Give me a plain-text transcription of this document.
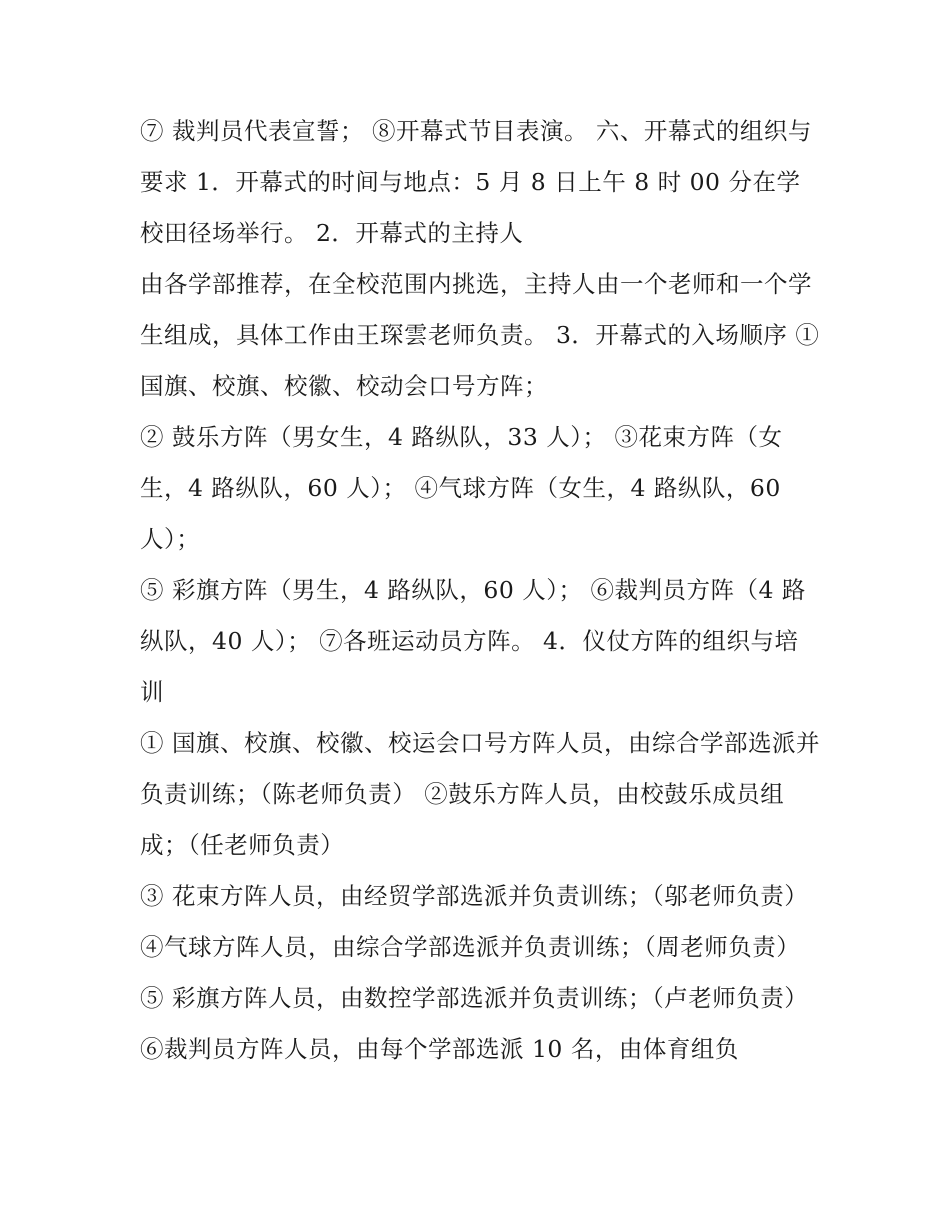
⑦ 裁判员代表宣誓； ⑧开幕式节目表演。 六、开幕式的组织与要求 1．开幕式的时间与地点：5 月 8 日上午 8 时 00 分在学校田径场举行。 2．开幕式的主持人

由各学部推荐，在全校范围内挑选，主持人由一个老师和一个学生组成，具体工作由王琛雲老师负责。 3．开幕式的入场顺序 ①国旗、校旗、校徽、校动会口号方阵；

② 鼓乐方阵（男女生，4 路纵队，33 人）； ③花束方阵（女生，4 路纵队，60 人）； ④气球方阵（女生，4 路纵队，60 人）；

⑤ 彩旗方阵（男生，4 路纵队，60 人）； ⑥裁判员方阵（4 路纵队，40 人）； ⑦各班运动员方阵。 4．仪仗方阵的组织与培训

① 国旗、校旗、校徽、校运会口号方阵人员，由综合学部选派并负责训练；（陈老师负责） ②鼓乐方阵人员，由校鼓乐成员组成；（任老师负责）

③ 花束方阵人员，由经贸学部选派并负责训练；（邬老师负责） ④气球方阵人员，由综合学部选派并负责训练；（周老师负责）

⑤ 彩旗方阵人员，由数控学部选派并负责训练；（卢老师负责） ⑥裁判员方阵人员，由每个学部选派 10 名，由体育组负
